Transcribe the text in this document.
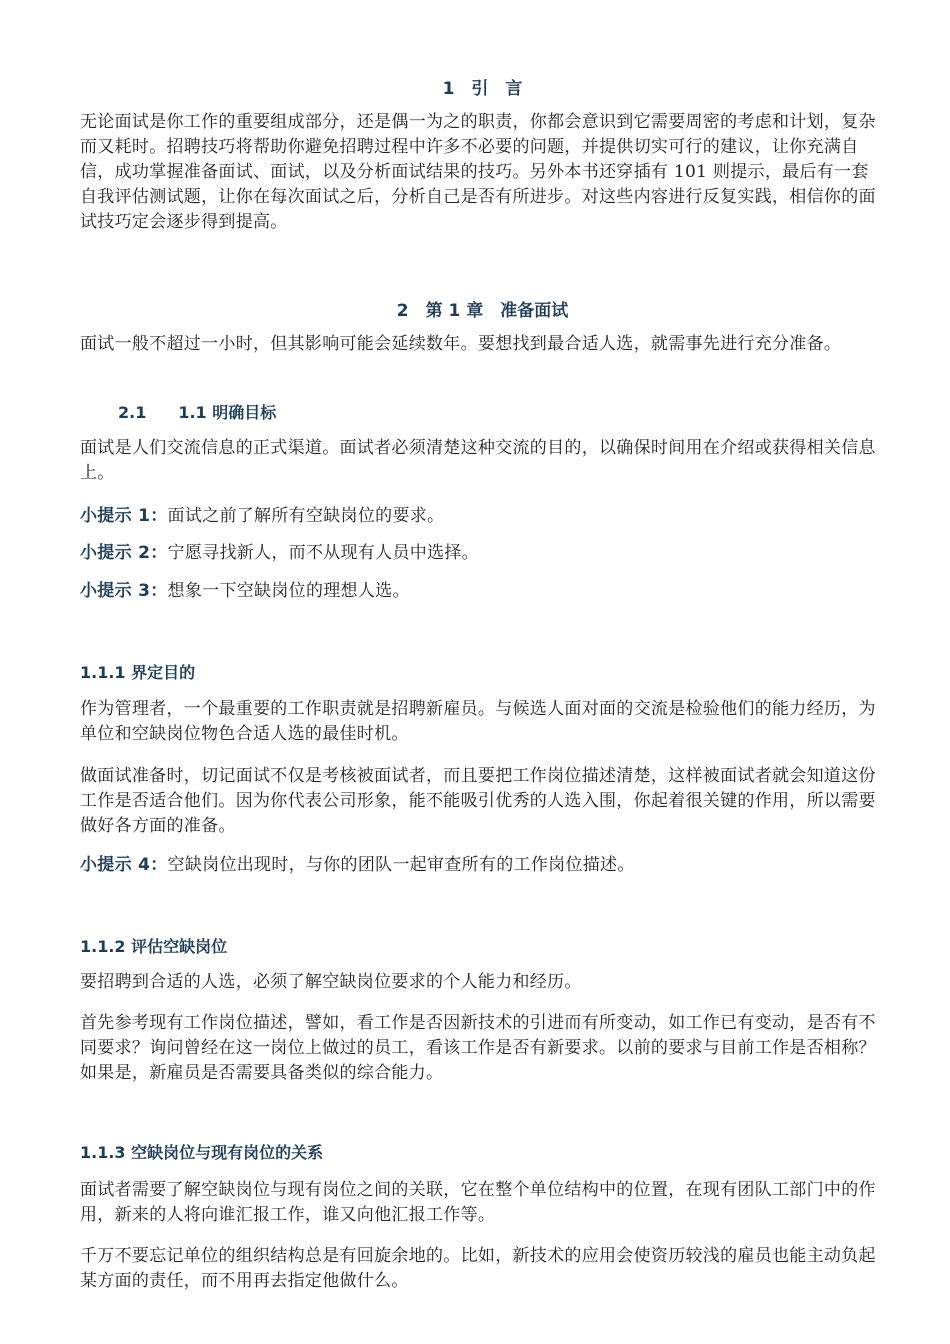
1　引　言

无论面试是你工作的重要组成部分，还是偶一为之的职责，你都会意识到它需要周密的考虑和计划，复杂而又耗时。招聘技巧将帮助你避免招聘过程中许多不必要的问题，并提供切实可行的建议，让你充满自信，成功掌握准备面试、面试，以及分析面试结果的技巧。另外本书还穿插有 101 则提示，最后有一套自我评估测试题，让你在每次面试之后，分析自己是否有所进步。对这些内容进行反复实践，相信你的面试技巧定会逐步得到提高。

2　第 1 章　准备面试

面试一般不超过一小时，但其影响可能会延续数年。要想找到最合适人选，就需事先进行充分准备。

2.1　　1.1 明确目标

面试是人们交流信息的正式渠道。面试者必须清楚这种交流的目的，以确保时间用在介绍或获得相关信息上。

小提示 1：面试之前了解所有空缺岗位的要求。

小提示 2：宁愿寻找新人，而不从现有人员中选择。

小提示 3：想象一下空缺岗位的理想人选。

1.1.1 界定目的

作为管理者，一个最重要的工作职责就是招聘新雇员。与候选人面对面的交流是检验他们的能力经历，为单位和空缺岗位物色合适人选的最佳时机。

做面试准备时，切记面试不仅是考核被面试者，而且要把工作岗位描述清楚，这样被面试者就会知道这份工作是否适合他们。因为你代表公司形象，能不能吸引优秀的人选入围，你起着很关键的作用，所以需要做好各方面的准备。

小提示 4：空缺岗位出现时，与你的团队一起审查所有的工作岗位描述。

1.1.2 评估空缺岗位

要招聘到合适的人选，必须了解空缺岗位要求的个人能力和经历。

首先参考现有工作岗位描述，譬如，看工作是否因新技术的引进而有所变动，如工作已有变动，是否有不同要求？询问曾经在这一岗位上做过的员工，看该工作是否有新要求。以前的要求与目前工作是否相称？如果是，新雇员是否需要具备类似的综合能力。

1.1.3 空缺岗位与现有岗位的关系

面试者需要了解空缺岗位与现有岗位之间的关联，它在整个单位结构中的位置，在现有团队工部门中的作用，新来的人将向谁汇报工作，谁又向他汇报工作等。

千万不要忘记单位的组织结构总是有回旋余地的。比如，新技术的应用会使资历较浅的雇员也能主动负起某方面的责任，而不用再去指定他做什么。
